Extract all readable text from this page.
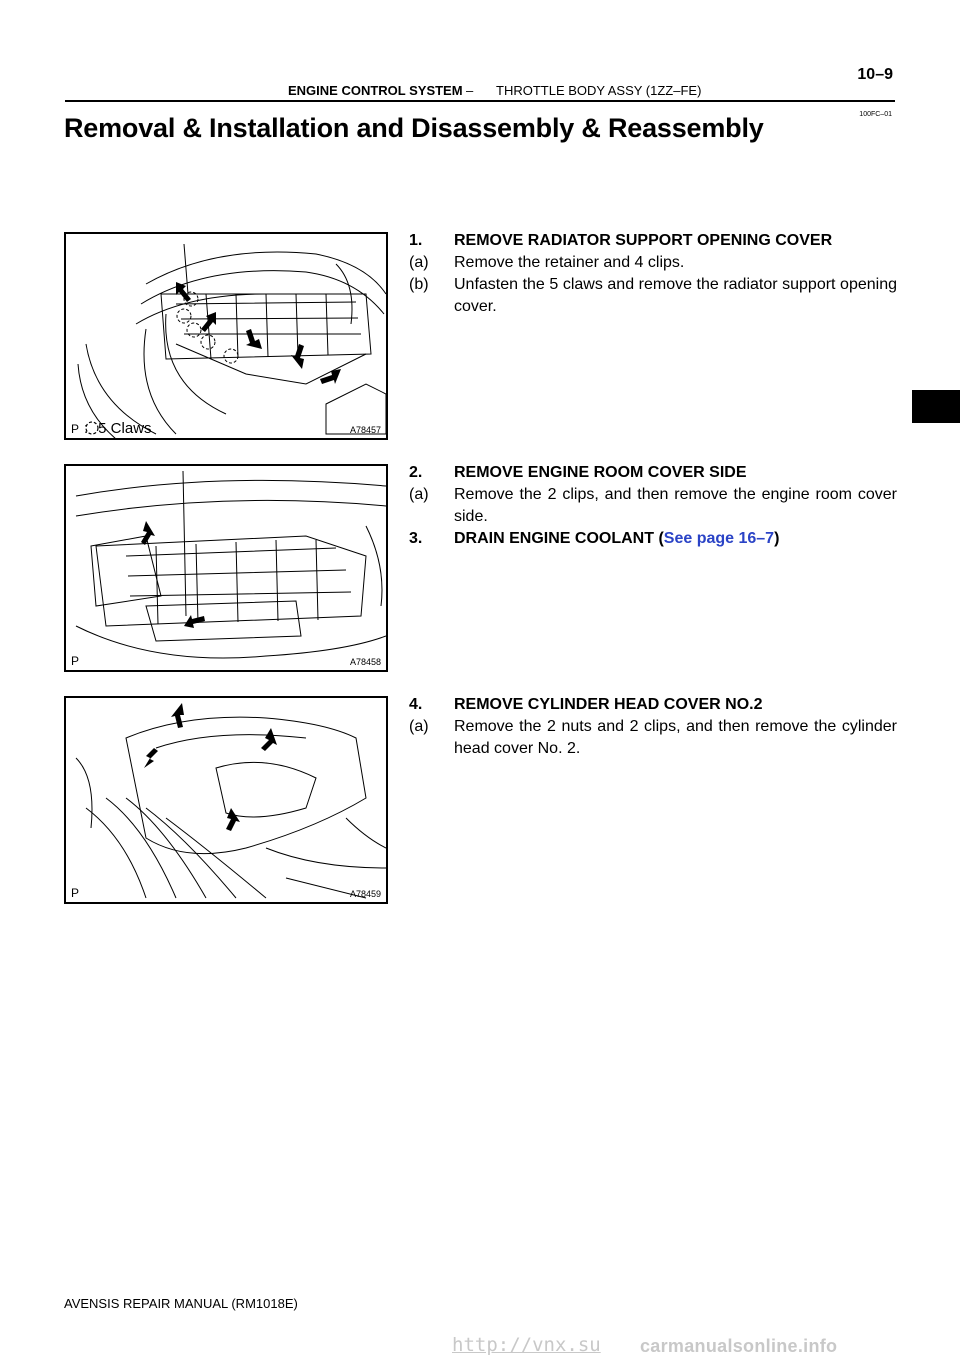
ENGINE CONTROL SYSTEM – THROTTLE BODY ASSY (1ZZ–FE)
10–9
100FC–01
Removal & Installation and Disassembly & Reassembly
: 5 Claws
P	A78457
P	A78458
P	A78459
1.	REMOVE RADIATOR SUPPORT OPENING COVER
(a)	Remove the retainer and 4 clips.
(b)	Unfasten the 5 claws and remove the radiator support opening cover.
2.	REMOVE ENGINE ROOM COVER SIDE
(a)	Remove the 2 clips, and then remove the engine room cover side.
3.	DRAIN ENGINE COOLANT (See page 16–7)
4.	REMOVE CYLINDER HEAD COVER NO.2
(a)	Remove the 2 nuts and 2 clips, and then remove the cylinder head cover No. 2.
AVENSIS REPAIR MANUAL (RM1018E)
http://vnx.su carmanualsonline.info
